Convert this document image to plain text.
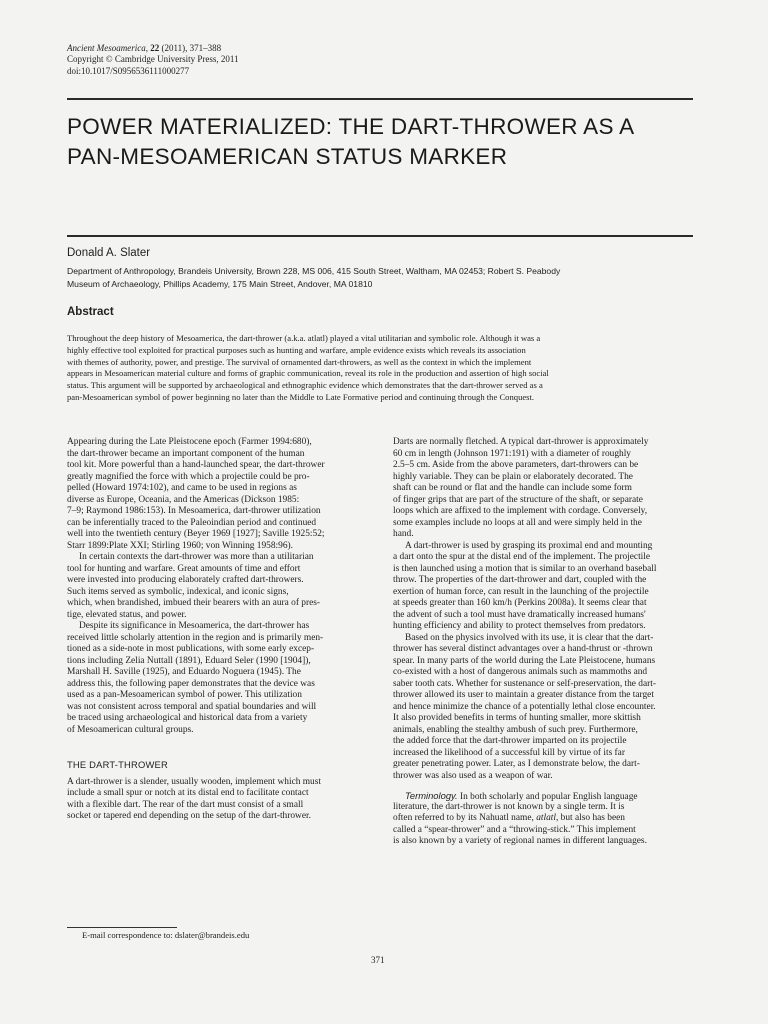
Ancient Mesoamerica, 22 (2011), 371–388
Copyright © Cambridge University Press, 2011
doi:10.1017/S0956536111000277
POWER MATERIALIZED: THE DART-THROWER AS A
PAN-MESOAMERICAN STATUS MARKER
Donald A. Slater
Department of Anthropology, Brandeis University, Brown 228, MS 006, 415 South Street, Waltham, MA 02453; Robert S. Peabody
Museum of Archaeology, Phillips Academy, 175 Main Street, Andover, MA 01810
Abstract
Throughout the deep history of Mesoamerica, the dart-thrower (a.k.a. atlatl) played a vital utilitarian and symbolic role. Although it was a
highly effective tool exploited for practical purposes such as hunting and warfare, ample evidence exists which reveals its association
with themes of authority, power, and prestige. The survival of ornamented dart-throwers, as well as the context in which the implement
appears in Mesoamerican material culture and forms of graphic communication, reveal its role in the production and assertion of high social
status. This argument will be supported by archaeological and ethnographic evidence which demonstrates that the dart-thrower served as a
pan-Mesoamerican symbol of power beginning no later than the Middle to Late Formative period and continuing through the Conquest.
Appearing during the Late Pleistocene epoch (Farmer 1994:680),
the dart-thrower became an important component of the human
tool kit. More powerful than a hand-launched spear, the dart-thrower
greatly magnified the force with which a projectile could be pro-
pelled (Howard 1974:102), and came to be used in regions as
diverse as Europe, Oceania, and the Americas (Dickson 1985:
7–9; Raymond 1986:153). In Mesoamerica, dart-thrower utilization
can be inferentially traced to the Paleoindian period and continued
well into the twentieth century (Beyer 1969 [1927]; Saville 1925:52;
Starr 1899:Plate XXI; Stirling 1960; von Winning 1958:96).
In certain contexts the dart-thrower was more than a utilitarian
tool for hunting and warfare. Great amounts of time and effort
were invested into producing elaborately crafted dart-throwers.
Such items served as symbolic, indexical, and iconic signs,
which, when brandished, imbued their bearers with an aura of pres-
tige, elevated status, and power.
Despite its significance in Mesoamerica, the dart-thrower has
received little scholarly attention in the region and is primarily men-
tioned as a side-note in most publications, with some early excep-
tions including Zelia Nuttall (1891), Eduard Seler (1990 [1904]),
Marshall H. Saville (1925), and Eduardo Noguera (1945). The
address this, the following paper demonstrates that the device was
used as a pan-Mesoamerican symbol of power. This utilization
was not consistent across temporal and spatial boundaries and will
be traced using archaeological and historical data from a variety
of Mesoamerican cultural groups.
THE DART-THROWER
A dart-thrower is a slender, usually wooden, implement which must
include a small spur or notch at its distal end to facilitate contact
with a flexible dart. The rear of the dart must consist of a small
socket or tapered end depending on the setup of the dart-thrower.
Darts are normally fletched. A typical dart-thrower is approximately
60 cm in length (Johnson 1971:191) with a diameter of roughly
2.5–5 cm. Aside from the above parameters, dart-throwers can be
highly variable. They can be plain or elaborately decorated. The
shaft can be round or flat and the handle can include some form
of finger grips that are part of the structure of the shaft, or separate
loops which are affixed to the implement with cordage. Conversely,
some examples include no loops at all and were simply held in the
hand.
A dart-thrower is used by grasping its proximal end and mounting
a dart onto the spur at the distal end of the implement. The projectile
is then launched using a motion that is similar to an overhand baseball
throw. The properties of the dart-thrower and dart, coupled with the
exertion of human force, can result in the launching of the projectile
at speeds greater than 160 km/h (Perkins 2008a). It seems clear that
the advent of such a tool must have dramatically increased humans'
hunting efficiency and ability to protect themselves from predators.
Based on the physics involved with its use, it is clear that the dart-
thrower has several distinct advantages over a hand-thrust or -thrown
spear. In many parts of the world during the Late Pleistocene, humans
co-existed with a host of dangerous animals such as mammoths and
saber tooth cats. Whether for sustenance or self-preservation, the dart-
thrower allowed its user to maintain a greater distance from the target
and hence minimize the chance of a potentially lethal close encounter.
It also provided benefits in terms of hunting smaller, more skittish
animals, enabling the stealthy ambush of such prey. Furthermore,
the added force that the dart-thrower imparted on its projectile
increased the likelihood of a successful kill by virtue of its far
greater penetrating power. Later, as I demonstrate below, the dart-
thrower was also used as a weapon of war.
Terminology. In both scholarly and popular English language
literature, the dart-thrower is not known by a single term. It is
often referred to by its Nahuatl name, atlatl, but also has been
called a “spear-thrower” and a “throwing-stick.” This implement
is also known by a variety of regional names in different languages.
E-mail correspondence to: dslater@brandeis.edu
371
